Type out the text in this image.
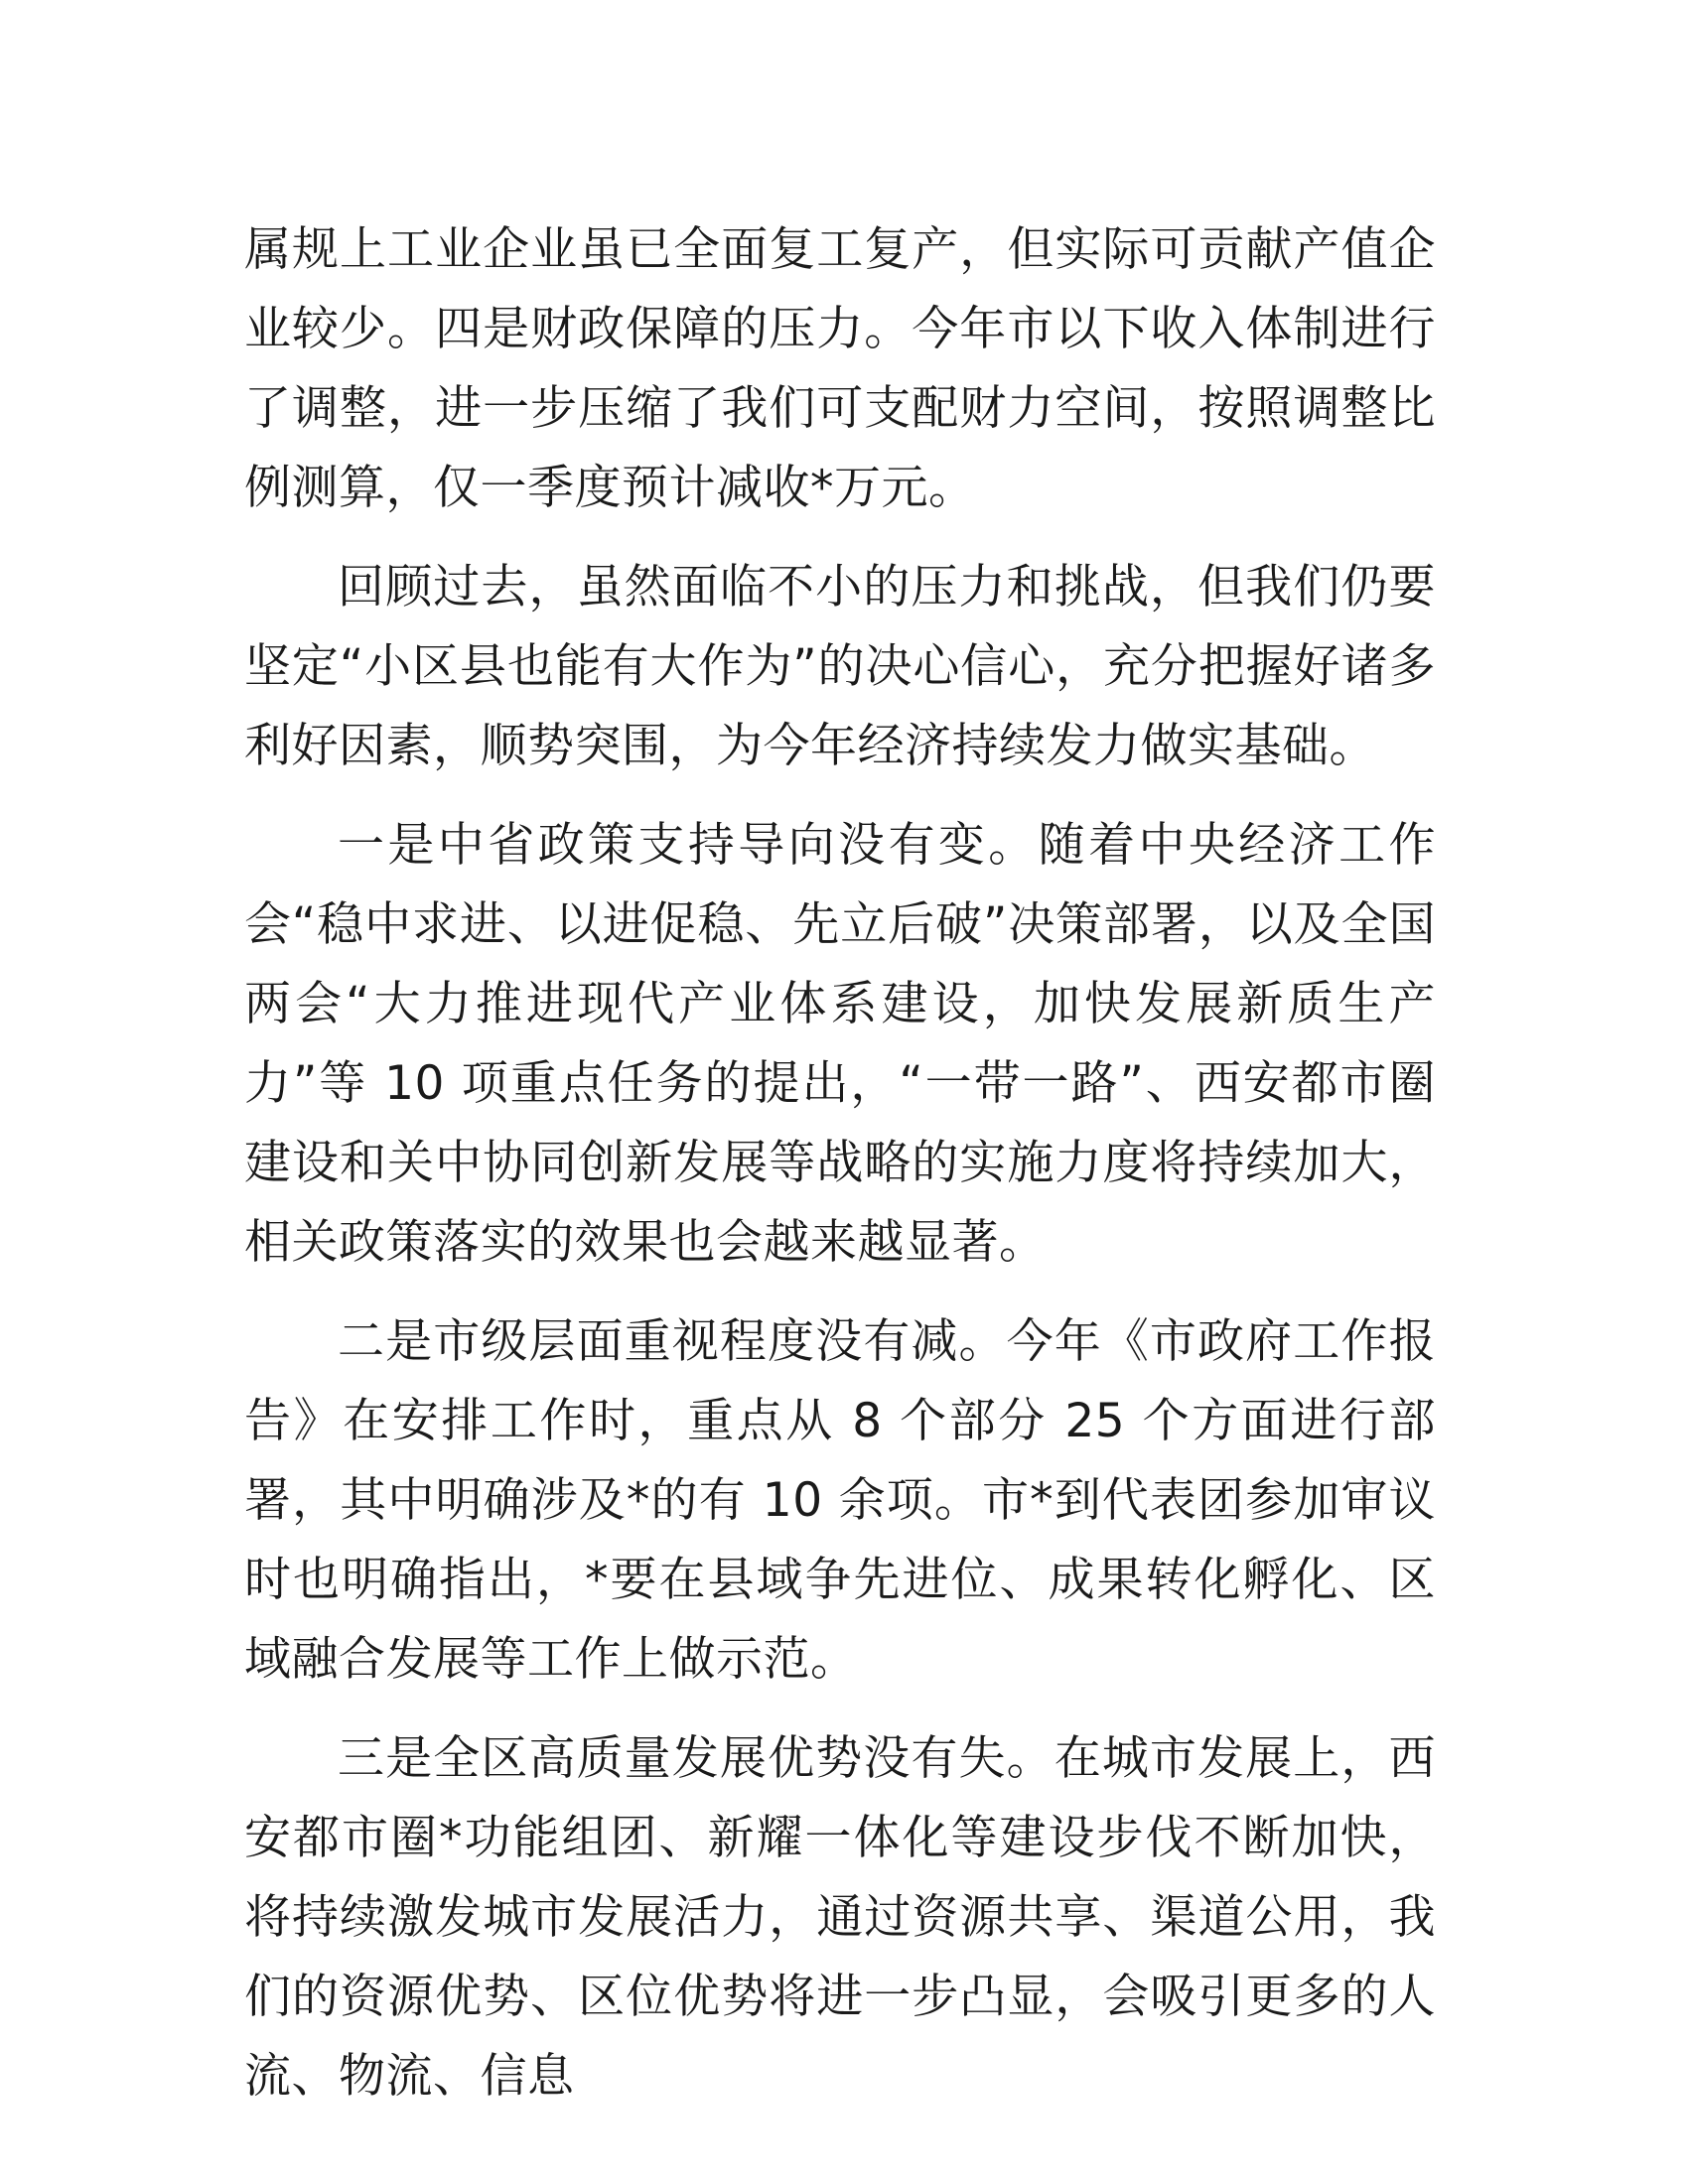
属规上工业企业虽已全面复工复产，但实际可贡献产值企业较少。四是财政保障的压力。今年市以下收入体制进行了调整，进一步压缩了我们可支配财力空间，按照调整比例测算，仅一季度预计减收*万元。

回顾过去，虽然面临不小的压力和挑战，但我们仍要坚定“小区县也能有大作为”的决心信心，充分把握好诸多利好因素，顺势突围，为今年经济持续发力做实基础。

一是中省政策支持导向没有变。随着中央经济工作会“稳中求进、以进促稳、先立后破”决策部署，以及全国两会“大力推进现代产业体系建设，加快发展新质生产力”等 10 项重点任务的提出，“一带一路”、西安都市圈建设和关中协同创新发展等战略的实施力度将持续加大，相关政策落实的效果也会越来越显著。

二是市级层面重视程度没有减。今年《市政府工作报告》在安排工作时，重点从 8 个部分 25 个方面进行部署，其中明确涉及*的有 10 余项。市*到代表团参加审议时也明确指出，*要在县域争先进位、成果转化孵化、区域融合发展等工作上做示范。

三是全区高质量发展优势没有失。在城市发展上，西安都市圈*功能组团、新耀一体化等建设步伐不断加快，将持续激发城市发展活力，通过资源共享、渠道公用，我们的资源优势、区位优势将进一步凸显，会吸引更多的人流、物流、信息
